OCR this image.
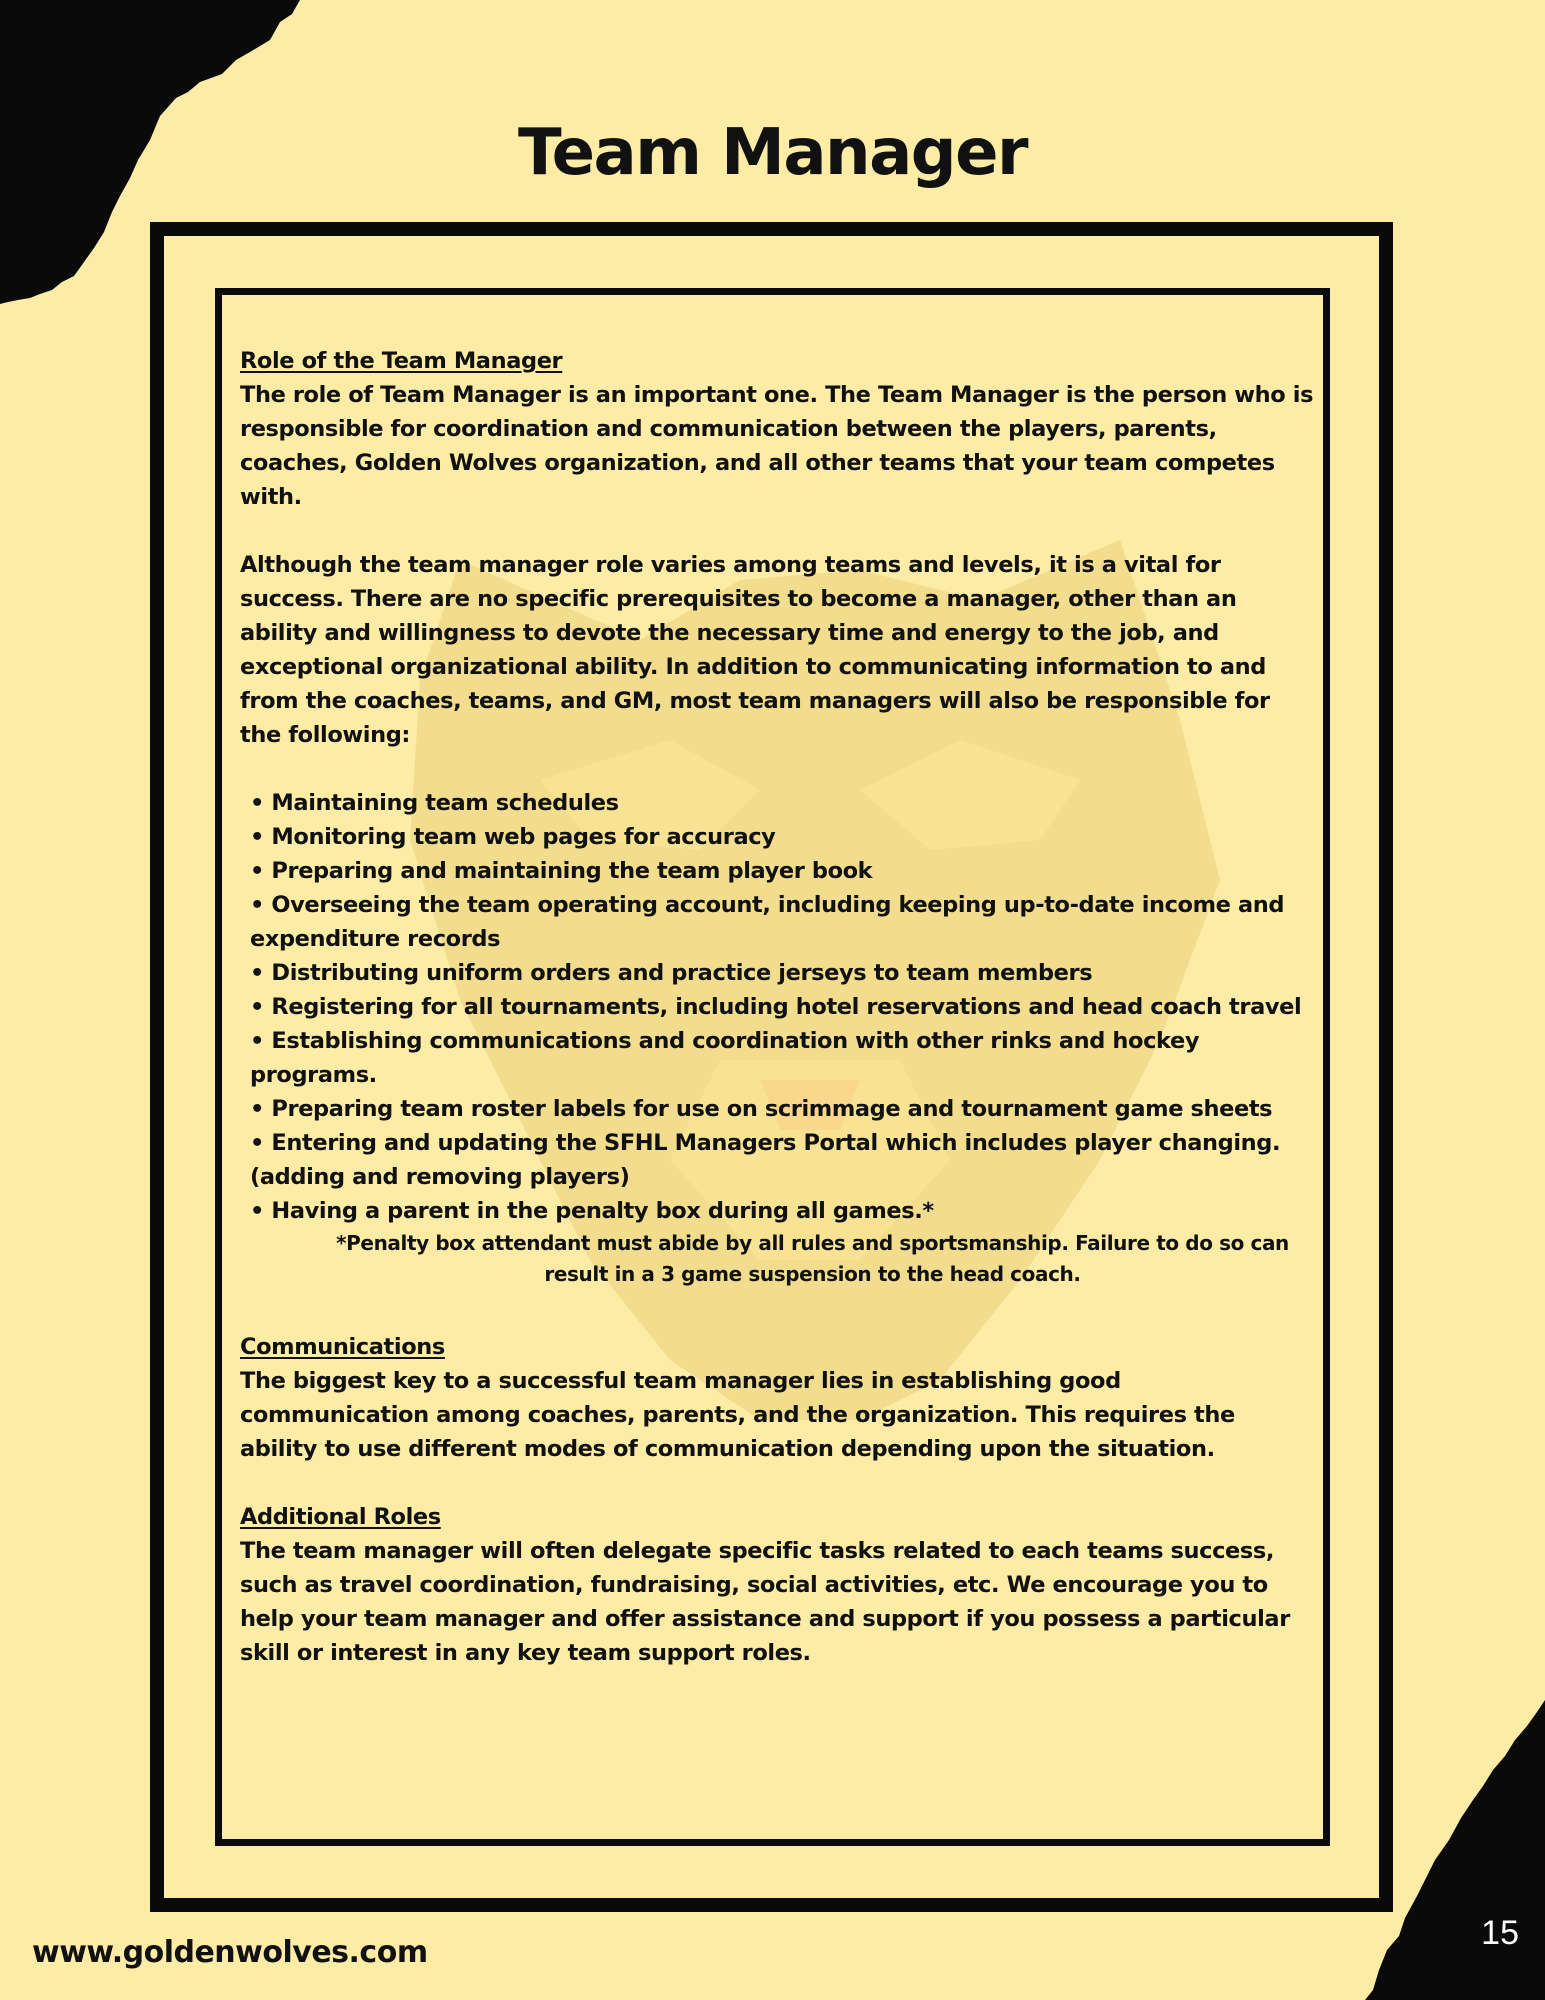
Team Manager

Role of the Team Manager

The role of Team Manager is an important one. The Team Manager is the person who is responsible for coordination and communication between the players, parents, coaches, Golden Wolves organization, and all other teams that your team competes with.

Although the team manager role varies among teams and levels, it is a vital for success. There are no specific prerequisites to become a manager, other than an ability and willingness to devote the necessary time and energy to the job, and exceptional organizational ability. In addition to communicating information to and from the coaches, teams, and GM, most team managers will also be responsible for the following:

• Maintaining team schedules
• Monitoring team web pages for accuracy
• Preparing and maintaining the team player book
• Overseeing the team operating account, including keeping up-to-date income and expenditure records
• Distributing uniform orders and practice jerseys to team members
• Registering for all tournaments, including hotel reservations and head coach travel
• Establishing communications and coordination with other rinks and hockey programs.
• Preparing team roster labels for use on scrimmage and tournament game sheets
• Entering and updating the SFHL Managers Portal which includes player changing. (adding and removing players)
• Having a parent in the penalty box during all games.*

*Penalty box attendant must abide by all rules and sportsmanship. Failure to do so can result in a 3 game suspension to the head coach.

Communications

The biggest key to a successful team manager lies in establishing good communication among coaches, parents, and the organization. This requires the ability to use different modes of communication depending upon the situation.

Additional Roles

The team manager will often delegate specific tasks related to each teams success, such as travel coordination, fundraising, social activities, etc. We encourage you to help your team manager and offer assistance and support if you possess a particular skill or interest in any key team support roles.

www.goldenwolves.com
15
